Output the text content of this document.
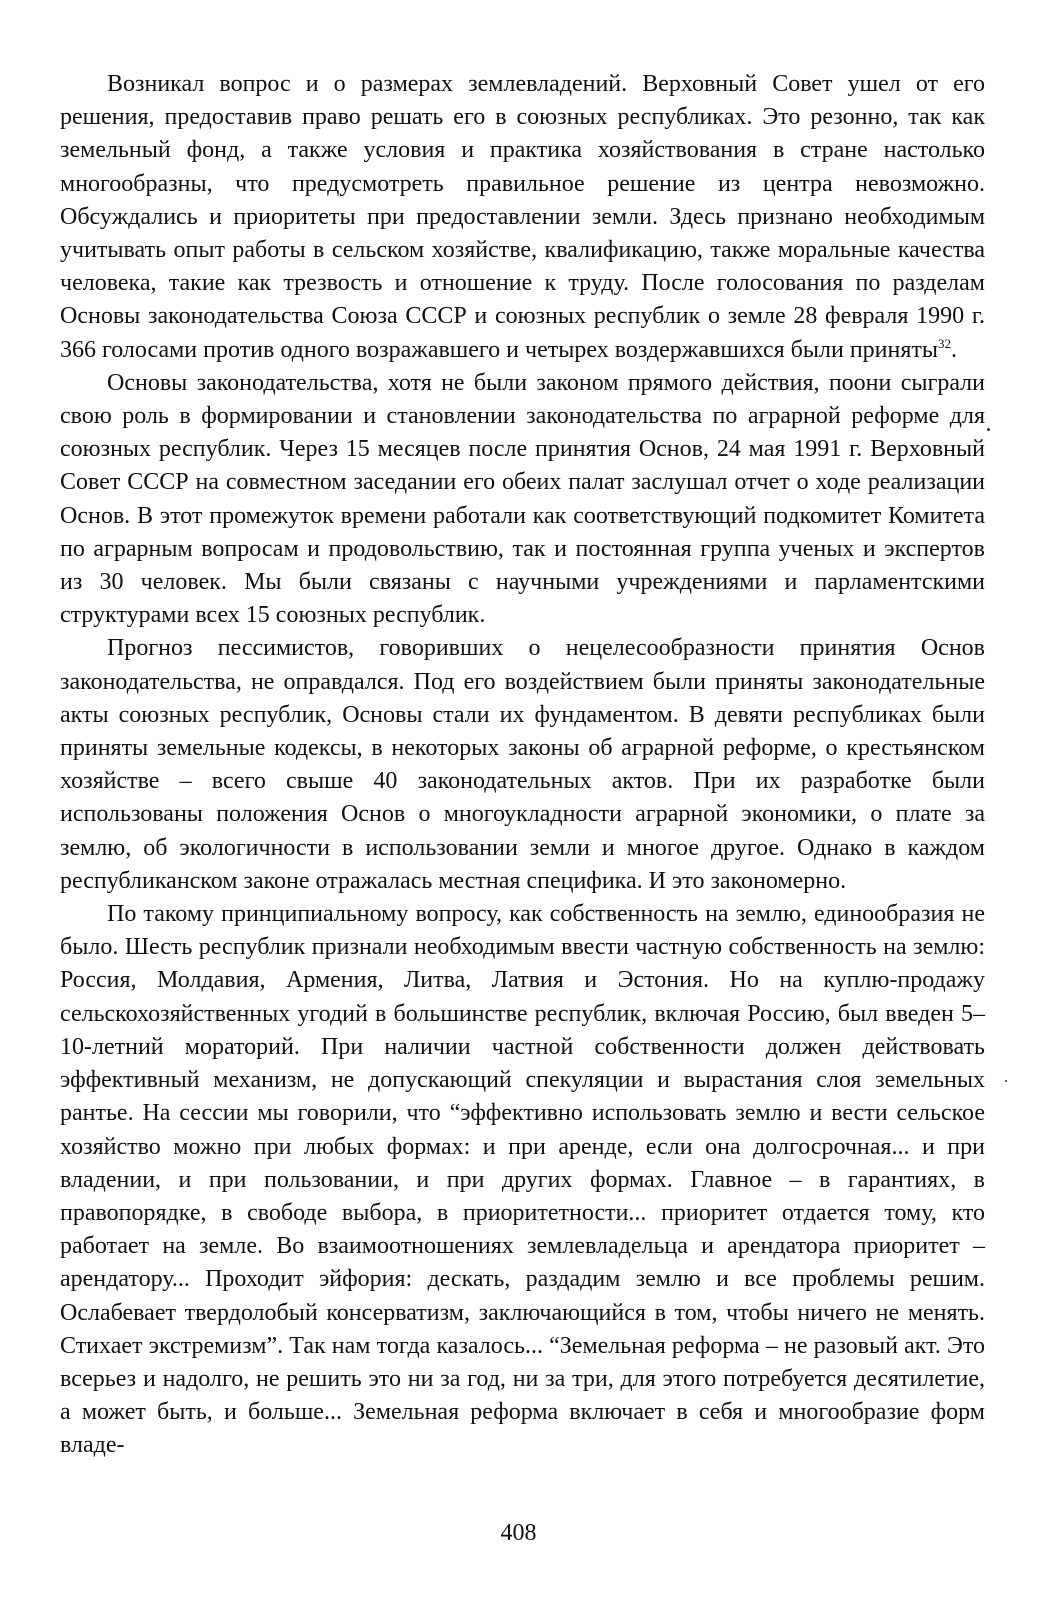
Возникал вопрос и о размерах землевладений. Верховный Совет ушел от его решения, предоставив право решать его в союзных республиках. Это резонно, так как земельный фонд, а также условия и практика хозяйствования в стране настолько многообразны, что предусмотреть правильное решение из центра невозможно. Обсуждались и приоритеты при предоставлении земли. Здесь признано необходимым учитывать опыт работы в сельском хозяйстве, квалификацию, также моральные качества человека, такие как трезвость и отношение к труду. После голосования по разделам Основы законодательства Союза СССР и союзных республик о земле 28 февраля 1990 г. 366 голосами против одного возражавшего и четырех воздержавшихся были приняты$^{32}$.

Основы законодательства, хотя не были законом прямого действия, поони сыграли свою роль в формировании и становлении законодательства по аграрной реформе для союзных республик. Через 15 месяцев после принятия Основ, 24 мая 1991 г. Верховный Совет СССР на совместном заседании его обеих палат заслушал отчет о ходе реализации Основ. В этот промежуток времени работали как соответствующий подкомитет Комитета по аграрным вопросам и продовольствию, так и постоянная группа ученых и экспертов из 30 человек. Мы были связаны с научными учреждениями и парламентскими структурами всех 15 союзных республик.

Прогноз пессимистов, говоривших о нецелесообразности принятия Основ законодательства, не оправдался. Под его воздействием были приняты законодательные акты союзных республик, Основы стали их фундаментом. В девяти республиках были приняты земельные кодексы, в некоторых законы об аграрной реформе, о крестьянском хозяйстве – всего свыше 40 законодательных актов. При их разработке были использованы положения Основ о многоукладности аграрной экономики, о плате за землю, об экологичности в использовании земли и многое другое. Однако в каждом республиканском законе отражалась местная специфика. И это закономерно.

По такому принципиальному вопросу, как собственность на землю, единообразия не было. Шесть республик признали необходимым ввести частную собственность на землю: Россия, Молдавия, Армения, Литва, Латвия и Эстония. Но на куплю-продажу сельскохозяйственных угодий в большинстве республик, включая Россию, был введен 5–10-летний мораторий. При наличии частной собственности должен действовать эффективный механизм, не допускающий спекуляции и вырастания слоя земельных рантье. На сессии мы говорили, что “эффективно использовать землю и вести сельское хозяйство можно при любых формах: и при аренде, если она долгосрочная... и при владении, и при пользовании, и при других формах. Главное – в гарантиях, в правопорядке, в свободе выбора, в приоритетности... приоритет отдается тому, кто работает на земле. Во взаимоотношениях землевладельца и арендатора приоритет – арендатору... Проходит эйфория: дескать, раздадим землю и все проблемы решим. Ослабевает твердолобый консерватизм, заключающийся в том, чтобы ничего не менять. Стихает экстремизм”. Так нам тогда казалось... “Земельная реформа – не разовый акт. Это всерьез и надолго, не решить это ни за год, ни за три, для этого потребуется десятилетие, а может быть, и больше... Земельная реформа включает в себя и многообразие форм владе-

408
